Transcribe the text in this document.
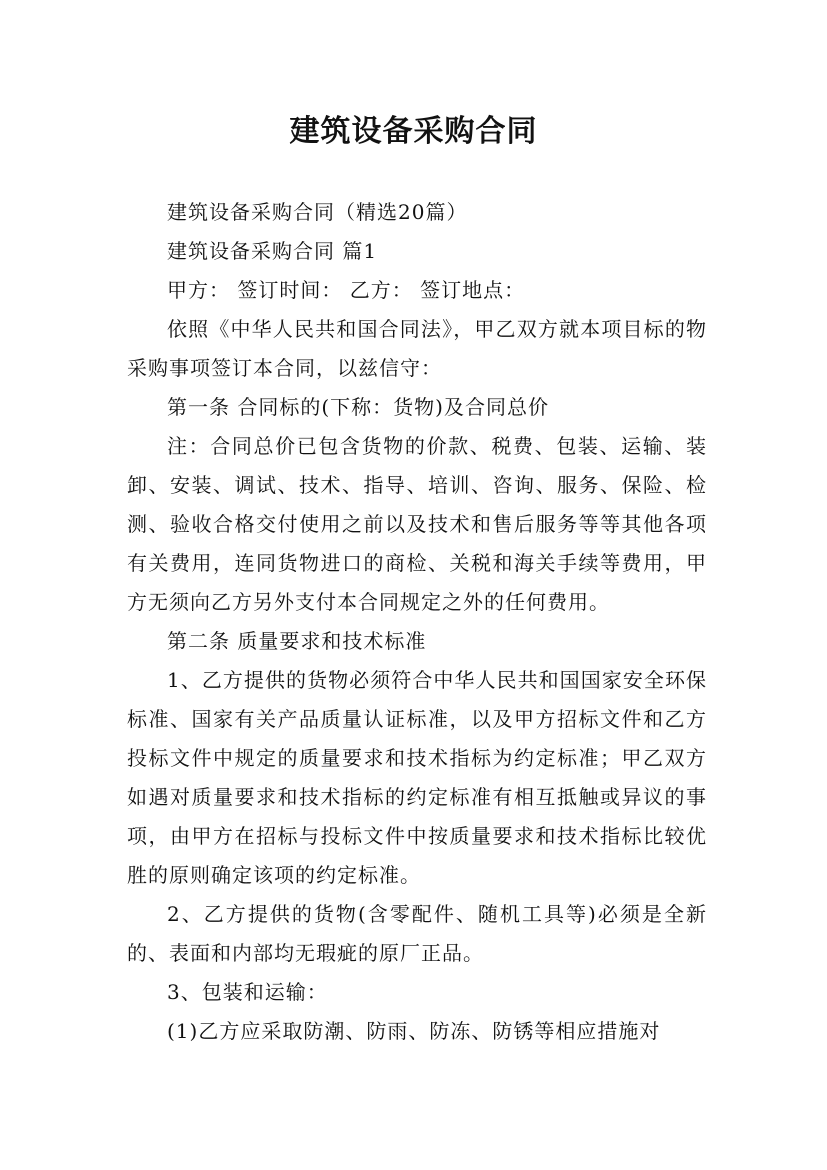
建筑设备采购合同

建筑设备采购合同（精选20篇）

建筑设备采购合同 篇1

甲方： 签订时间： 乙方： 签订地点：

依照《中华人民共和国合同法》，甲乙双方就本项目标的物采购事项签订本合同，以兹信守：

第一条 合同标的(下称：货物)及合同总价

注：合同总价已包含货物的价款、税费、包装、运输、装卸、安装、调试、技术、指导、培训、咨询、服务、保险、检测、验收合格交付使用之前以及技术和售后服务等等其他各项有关费用，连同货物进口的商检、关税和海关手续等费用，甲方无须向乙方另外支付本合同规定之外的任何费用。

第二条 质量要求和技术标准

1、乙方提供的货物必须符合中华人民共和国国家安全环保标准、国家有关产品质量认证标准，以及甲方招标文件和乙方投标文件中规定的质量要求和技术指标为约定标准；甲乙双方如遇对质量要求和技术指标的约定标准有相互抵触或异议的事项，由甲方在招标与投标文件中按质量要求和技术指标比较优胜的原则确定该项的约定标准。

2、乙方提供的货物(含零配件、随机工具等)必须是全新的、表面和内部均无瑕疵的原厂正品。

3、包装和运输：

(1)乙方应采取防潮、防雨、防冻、防锈等相应措施对
